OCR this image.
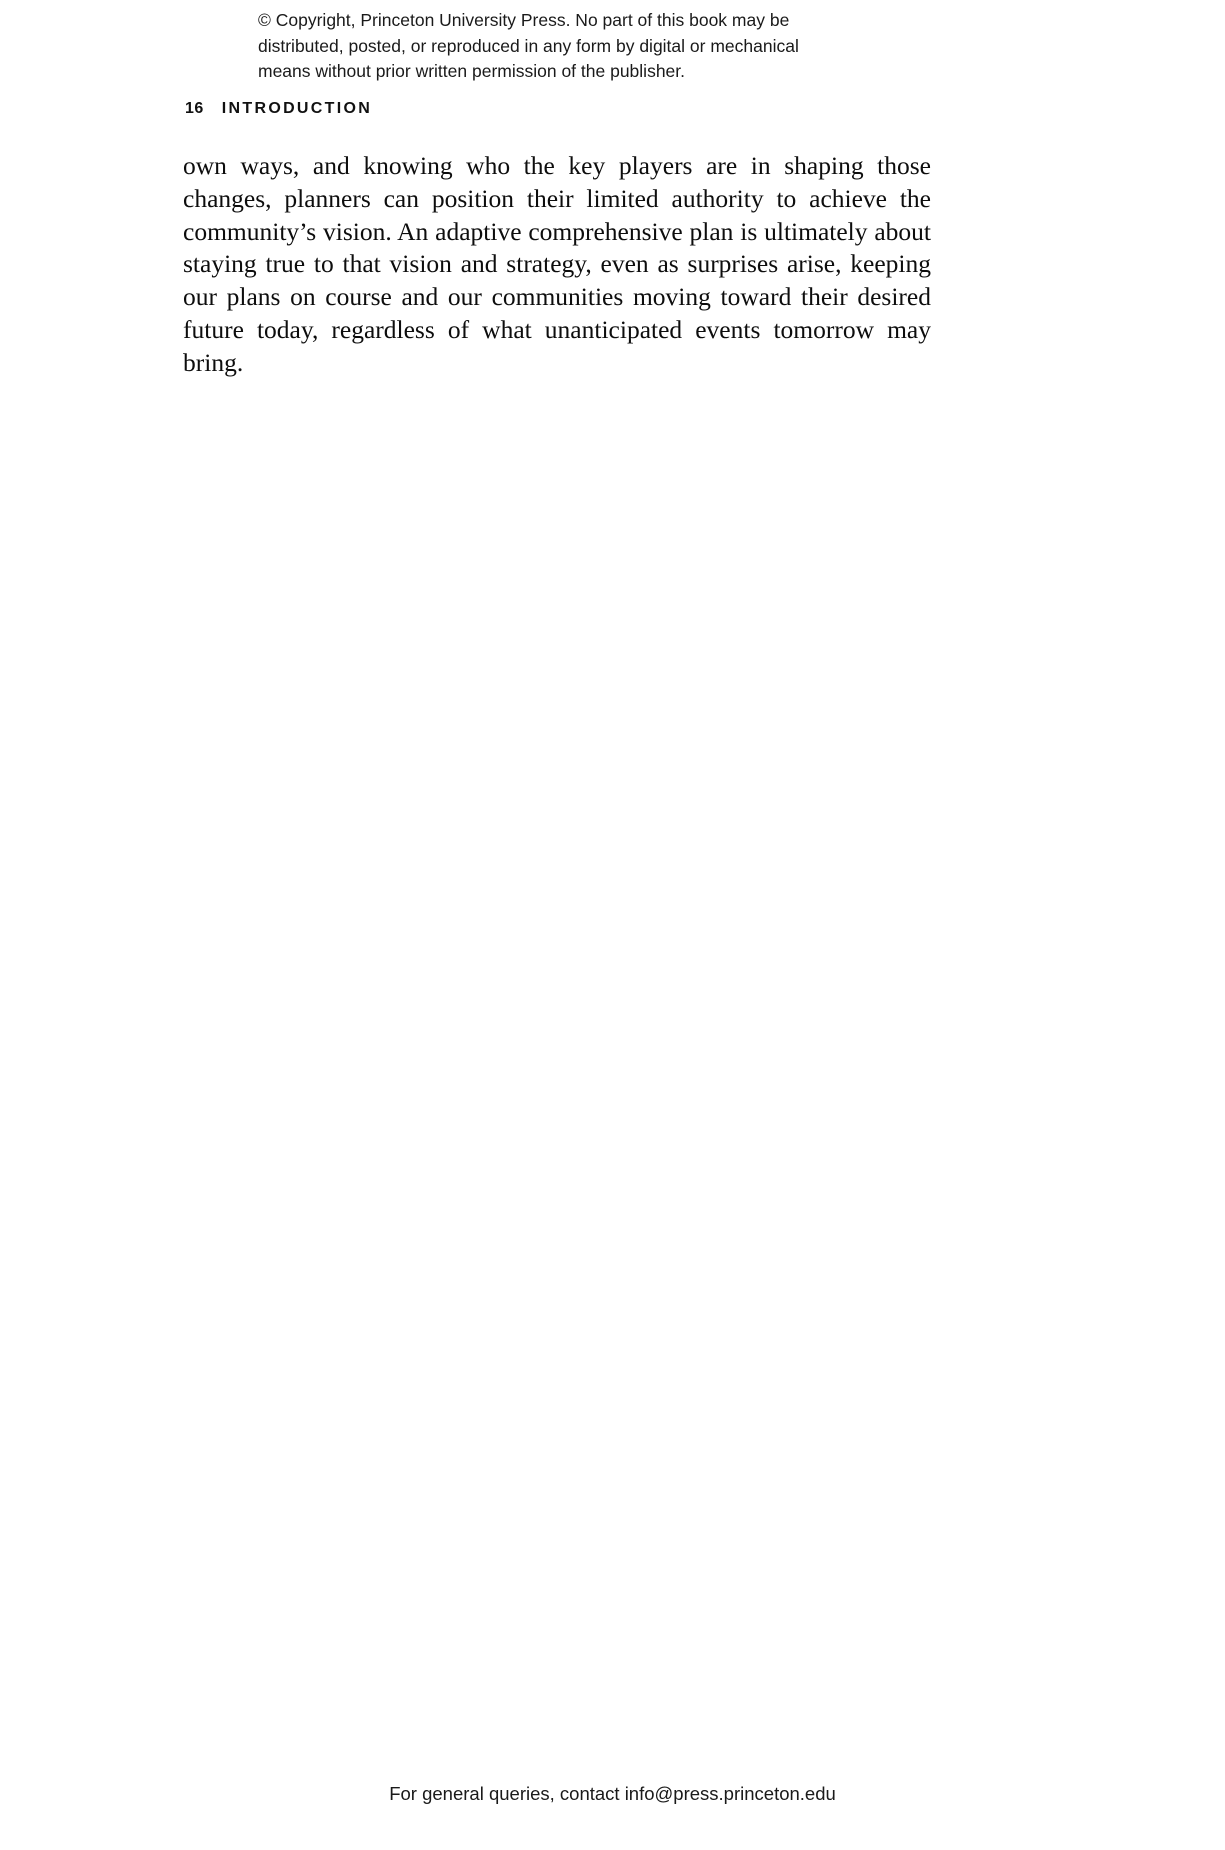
© Copyright, Princeton University Press. No part of this book may be
distributed, posted, or reproduced in any form by digital or mechanical
means without prior written permission of the publisher.
16 INTRODUCTION

own ways, and knowing who the key players are in shaping those changes, planners can position their limited authority to achieve the community’s vision. An adaptive comprehensive plan is ultimately about staying true to that vision and strategy, even as surprises arise, keeping our plans on course and our communities moving toward their desired future today, regardless of what unanticipated events tomorrow may bring.

For general queries, contact info@press.princeton.edu
